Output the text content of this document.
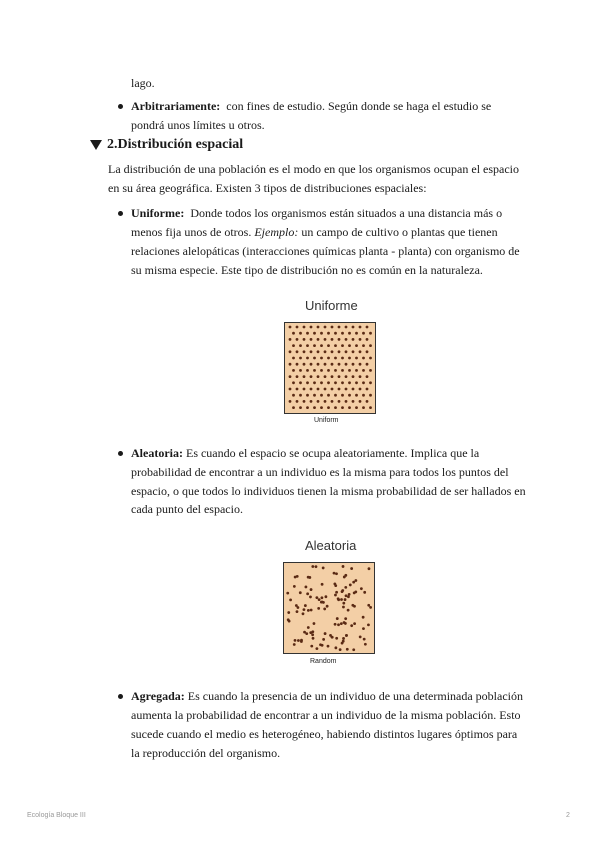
lago.

Arbitrariamente: con fines de estudio. Según donde se haga el estudio se

pondrá unos límites u otros.

2.Distribución espacial

La distribución de una población es el modo en que los organismos ocupan el espacio

en su área geográfica. Existen 3 tipos de distribuciones espaciales:

Uniforme: Donde todos los organismos están situados a una distancia más o

menos fija unos de otros. Ejemplo: un campo de cultivo o plantas que tienen

relaciones alelopáticas (interacciones químicas planta - planta) con organismo de

su misma especie. Este tipo de distribución no es común en la naturaleza.

Uniforme
Uniform

Aleatoria: Es cuando el espacio se ocupa aleatoriamente. Implica que la

probabilidad de encontrar a un individuo es la misma para todos los puntos del

espacio, o que todos lo individuos tienen la misma probabilidad de ser hallados en

cada punto del espacio.

Aleatoria
Random

Agregada: Es cuando la presencia de un individuo de una determinada población

aumenta la probabilidad de encontrar a un individuo de la misma población. Esto

sucede cuando el medio es heterogéneo, habiendo distintos lugares óptimos para

la reproducción del organismo.

Ecología Bloque III	2
